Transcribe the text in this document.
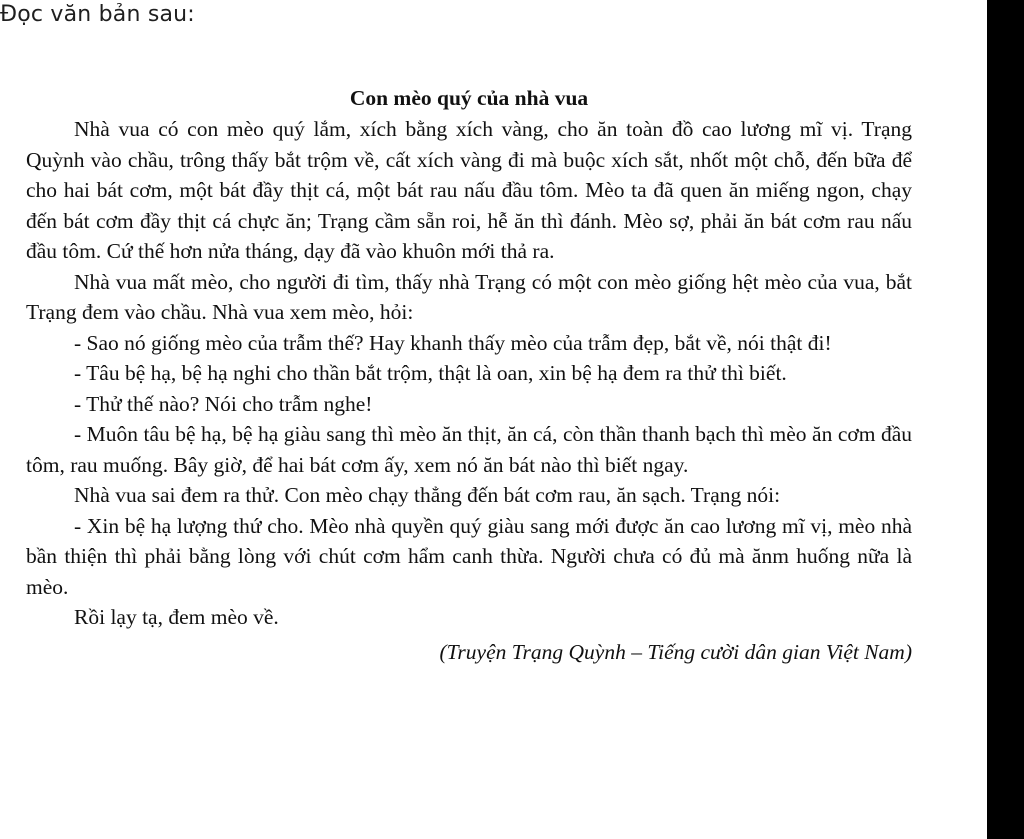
Đọc văn bản sau:

Con mèo quý của nhà vua

Nhà vua có con mèo quý lắm, xích bằng xích vàng, cho ăn toàn đồ cao lương mĩ vị. Trạng Quỳnh vào chầu, trông thấy bắt trộm về, cất xích vàng đi mà buộc xích sắt, nhốt một chỗ, đến bữa để cho hai bát cơm, một bát đầy thịt cá, một bát rau nấu đầu tôm. Mèo ta đã quen ăn miếng ngon, chạy đến bát cơm đầy thịt cá chực ăn; Trạng cầm sẵn roi, hễ ăn thì đánh. Mèo sợ, phải ăn bát cơm rau nấu đầu tôm. Cứ thế hơn nửa tháng, dạy đã vào khuôn mới thả ra.

Nhà vua mất mèo, cho người đi tìm, thấy nhà Trạng có một con mèo giống hệt mèo của vua, bắt Trạng đem vào chầu. Nhà vua xem mèo, hỏi:

- Sao nó giống mèo của trẫm thế? Hay khanh thấy mèo của trẫm đẹp, bắt về, nói thật đi!

- Tâu bệ hạ, bệ hạ nghi cho thần bắt trộm, thật là oan, xin bệ hạ đem ra thử thì biết.

- Thử thế nào? Nói cho trẫm nghe!

- Muôn tâu bệ hạ, bệ hạ giàu sang thì mèo ăn thịt, ăn cá, còn thần thanh bạch thì mèo ăn cơm đầu tôm, rau muống. Bây giờ, để hai bát cơm ấy, xem nó ăn bát nào thì biết ngay.

Nhà vua sai đem ra thử. Con mèo chạy thẳng đến bát cơm rau, ăn sạch. Trạng nói:

- Xin bệ hạ lượng thứ cho. Mèo nhà quyền quý giàu sang mới được ăn cao lương mĩ vị, mèo nhà bần thiện thì phải bằng lòng với chút cơm hẩm canh thừa. Người chưa có đủ mà ănm huống nữa là mèo.

Rồi lạy tạ, đem mèo về.

(Truyện Trạng Quỳnh – Tiếng cười dân gian Việt Nam)
